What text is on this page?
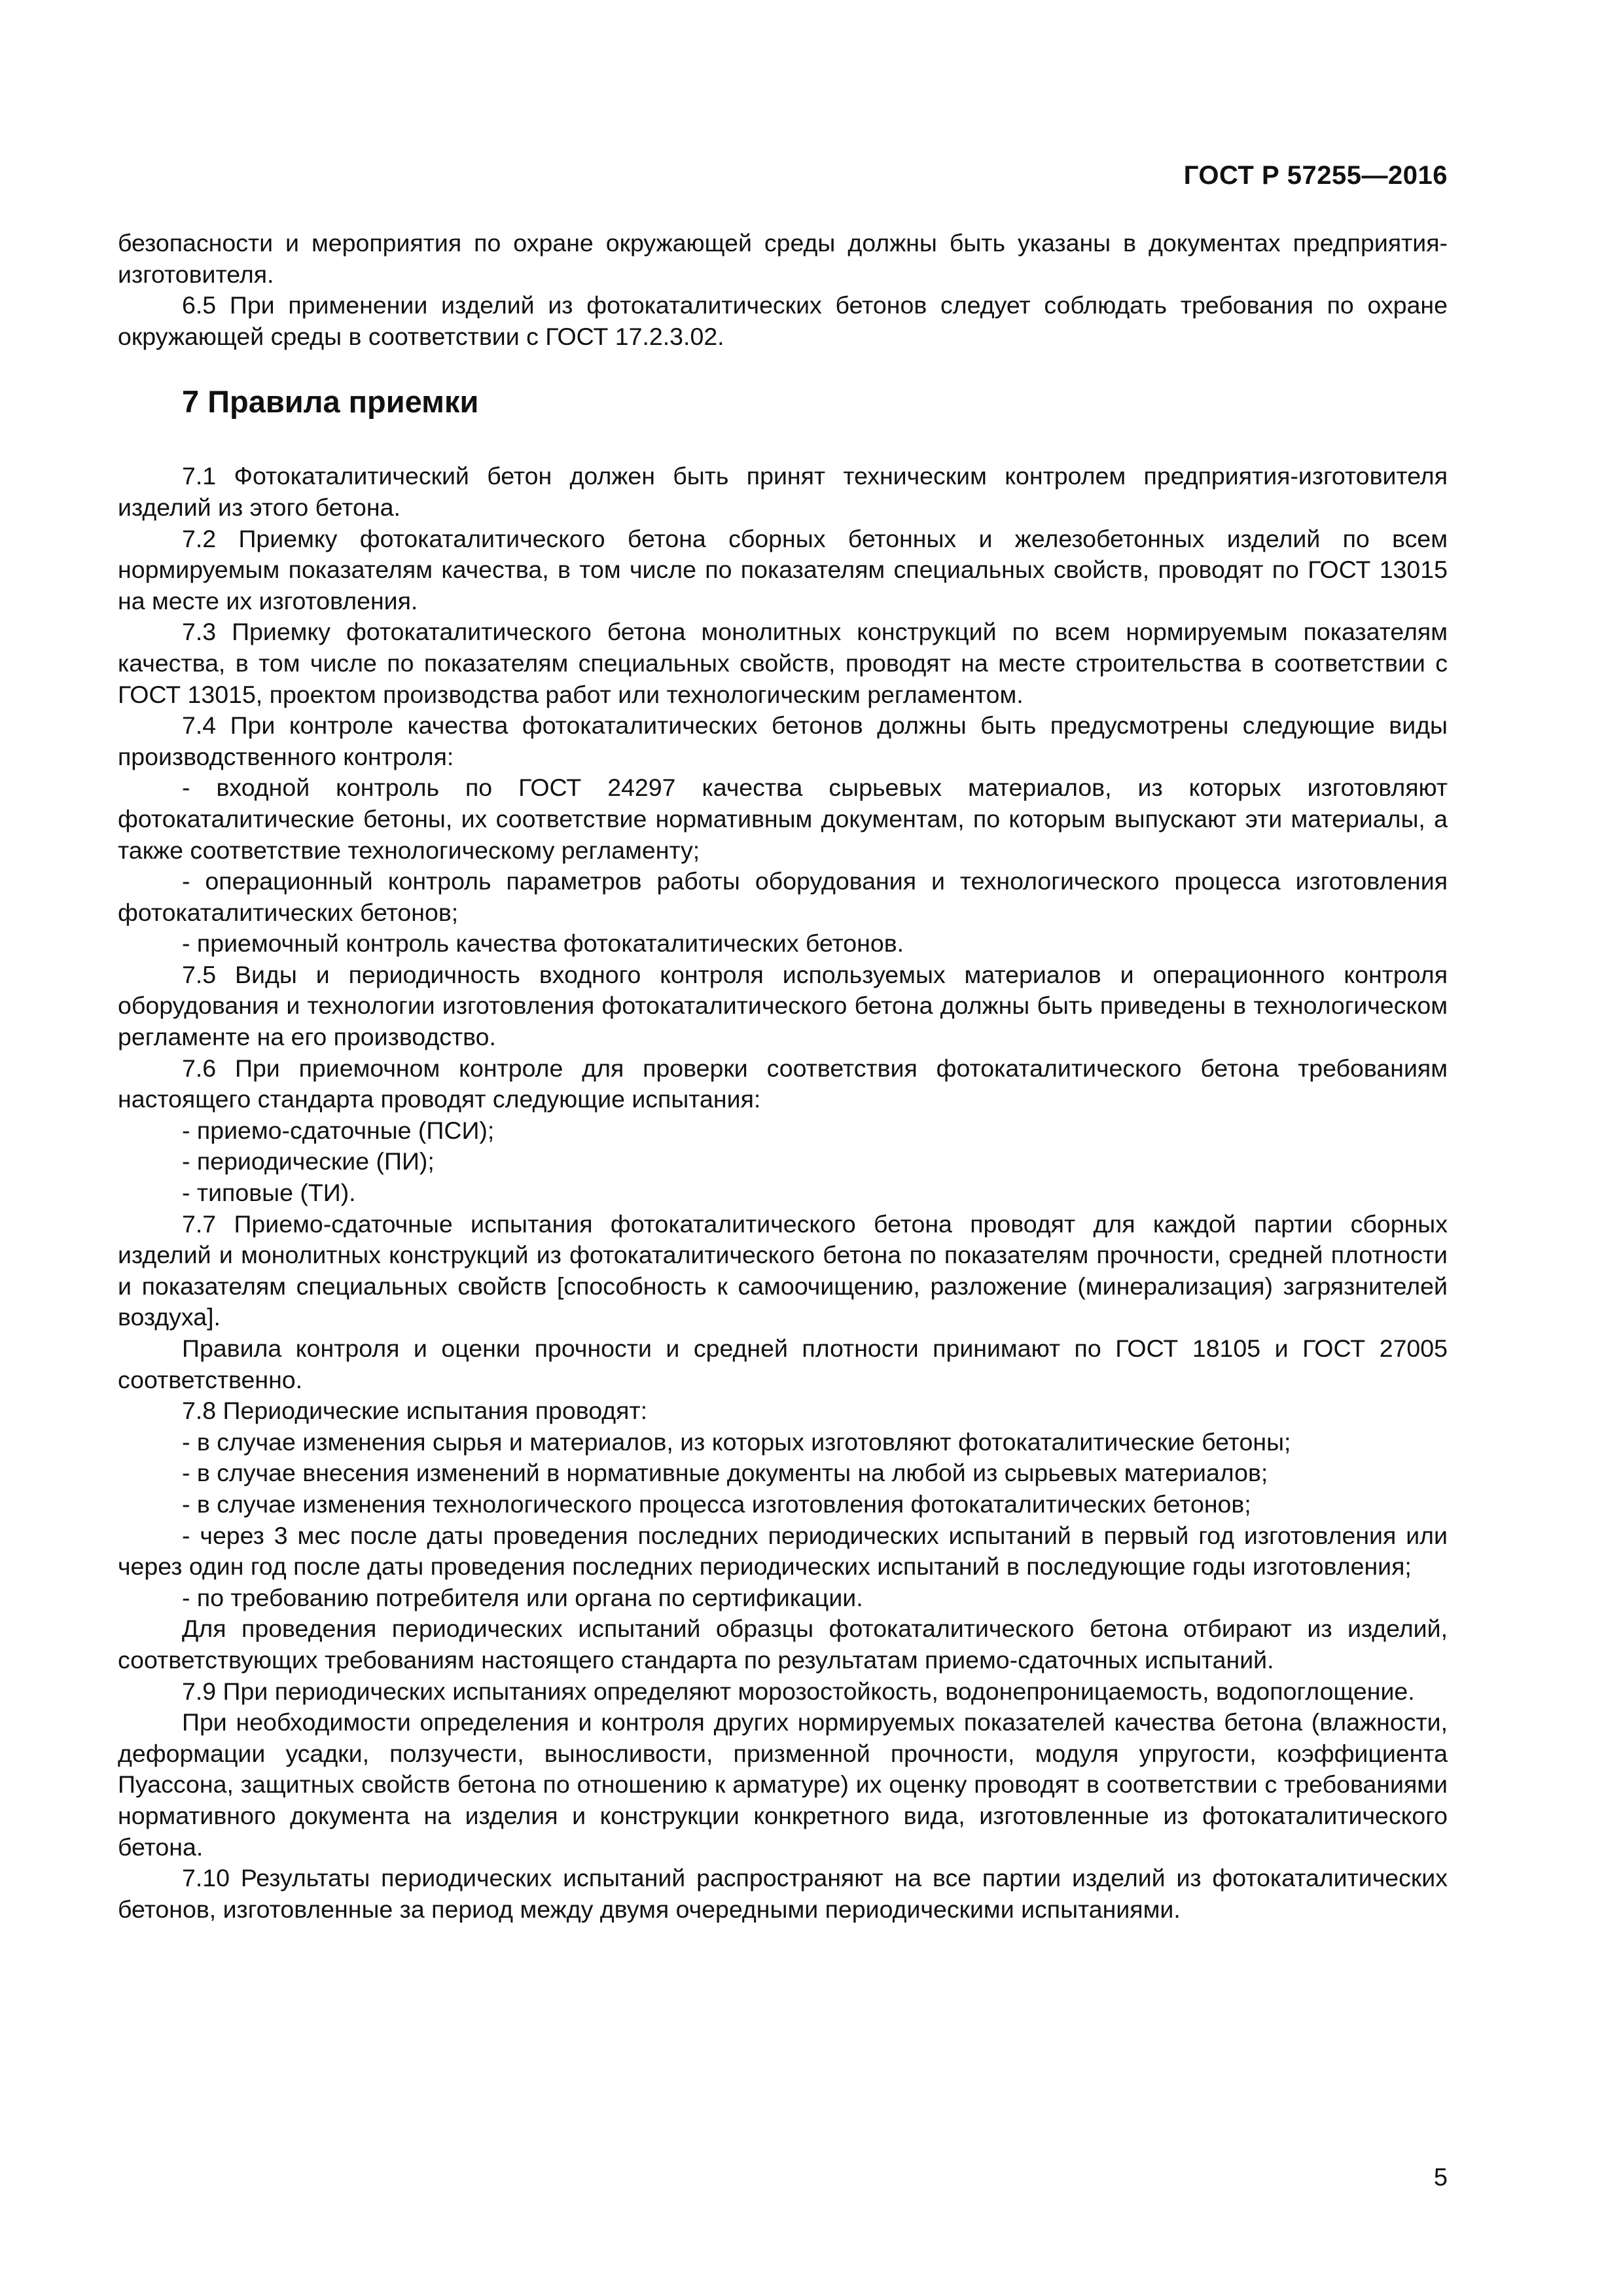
ГОСТ Р 57255—2016

безопасности и мероприятия по охране окружающей среды должны быть указаны в документах предприятия-изготовителя.

6.5 При применении изделий из фотокаталитических бетонов следует соблюдать требования по охране окружающей среды в соответствии с ГОСТ 17.2.3.02.

7 Правила приемки

7.1 Фотокаталитический бетон должен быть принят техническим контролем предприятия-изготовителя изделий из этого бетона.

7.2 Приемку фотокаталитического бетона сборных бетонных и железобетонных изделий по всем нормируемым показателям качества, в том числе по показателям специальных свойств, проводят по ГОСТ 13015 на месте их изготовления.

7.3 Приемку фотокаталитического бетона монолитных конструкций по всем нормируемым показателям качества, в том числе по показателям специальных свойств, проводят на месте строительства в соответствии с ГОСТ 13015, проектом производства работ или технологическим регламентом.

7.4 При контроле качества фотокаталитических бетонов должны быть предусмотрены следующие виды производственного контроля:

- входной контроль по ГОСТ 24297 качества сырьевых материалов, из которых изготовляют фотокаталитические бетоны, их соответствие нормативным документам, по которым выпускают эти материалы, а также соответствие технологическому регламенту;

- операционный контроль параметров работы оборудования и технологического процесса изготовления фотокаталитических бетонов;

- приемочный контроль качества фотокаталитических бетонов.

7.5 Виды и периодичность входного контроля используемых материалов и операционного контроля оборудования и технологии изготовления фотокаталитического бетона должны быть приведены в технологическом регламенте на его производство.

7.6 При приемочном контроле для проверки соответствия фотокаталитического бетона требованиям настоящего стандарта проводят следующие испытания:

- приемо-сдаточные (ПСИ);

- периодические (ПИ);

- типовые (ТИ).

7.7 Приемо-сдаточные испытания фотокаталитического бетона проводят для каждой партии сборных изделий и монолитных конструкций из фотокаталитического бетона по показателям прочности, средней плотности и показателям специальных свойств [способность к самоочищению, разложение (минерализация) загрязнителей воздуха].

Правила контроля и оценки прочности и средней плотности принимают по ГОСТ 18105 и ГОСТ 27005 соответственно.

7.8 Периодические испытания проводят:

- в случае изменения сырья и материалов, из которых изготовляют фотокаталитические бетоны;

- в случае внесения изменений в нормативные документы на любой из сырьевых материалов;

- в случае изменения технологического процесса изготовления фотокаталитических бетонов;

- через 3 мес после даты проведения последних периодических испытаний в первый год изготовления или через один год после даты проведения последних периодических испытаний в последующие годы изготовления;

- по требованию потребителя или органа по сертификации.

Для проведения периодических испытаний образцы фотокаталитического бетона отбирают из изделий, соответствующих требованиям настоящего стандарта по результатам приемо-сдаточных испытаний.

7.9 При периодических испытаниях определяют морозостойкость, водонепроницаемость, водопоглощение.

При необходимости определения и контроля других нормируемых показателей качества бетона (влажности, деформации усадки, ползучести, выносливости, призменной прочности, модуля упругости, коэффициента Пуассона, защитных свойств бетона по отношению к арматуре) их оценку проводят в соответствии с требованиями нормативного документа на изделия и конструкции конкретного вида, изготовленные из фотокаталитического бетона.

7.10 Результаты периодических испытаний распространяют на все партии изделий из фотокаталитических бетонов, изготовленные за период между двумя очередными периодическими испытаниями.

5
